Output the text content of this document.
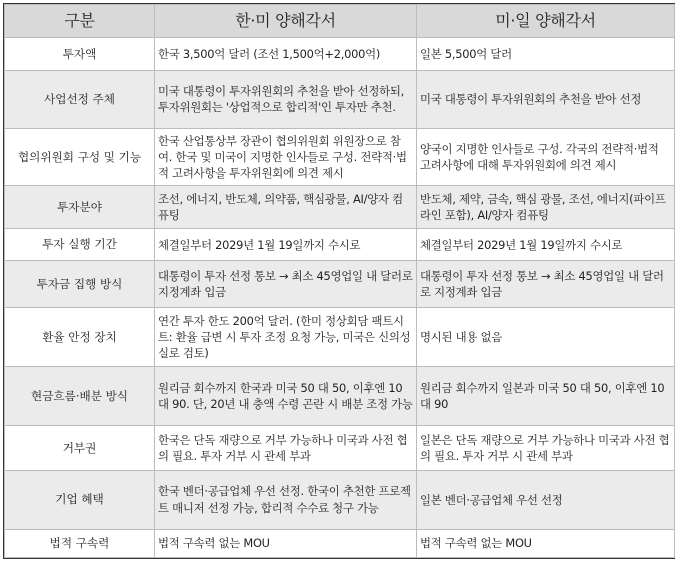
구분	한·미 양해각서	미·일 양해각서
투자액	한국 3,500억 달러 (조선 1,500억+2,000억)	일본 5,500억 달러
사업선정 주체	미국 대통령이 투자위원회의 추천을 받아 선정하되, 투자위원회는 '상업적으로 합리적'인 투자만 추천.	미국 대통령이 투자위원회의 추천을 받아 선정
협의위원회 구성 및 기능	한국 산업통상부 장관이 협의위원회 위원장으로 참여. 한국 및 미국이 지명한 인사들로 구성. 전략적·법적 고려사항을 투자위원회에 의견 제시	양국이 지명한 인사들로 구성. 각국의 전략적·법적 고려사항에 대해 투자위원회에 의견 제시
투자분야	조선, 에너지, 반도체, 의약품, 핵심광물, AI/양자 컴퓨팅	반도체, 제약, 금속, 핵심 광물, 조선, 에너지(파이프라인 포함), AI/양자 컴퓨팅
투자 실행 기간	체결일부터 2029년 1월 19일까지 수시로	체결일부터 2029년 1월 19일까지 수시로
투자금 집행 방식	대통령이 투자 선정 통보 → 최소 45영업일 내 달러로 지정계좌 입금	대통령이 투자 선정 통보 → 최소 45영업일 내 달러로 지정계좌 입금
환율 안정 장치	연간 투자 한도 200억 달러. (한미 정상회담 팩트시트: 환율 급변 시 투자 조정 요청 가능, 미국은 신의성실로 검토)	명시된 내용 없음
현금흐름·배분 방식	원리금 회수까지 한국과 미국 50 대 50, 이후엔 10 대 90. 단, 20년 내 충액 수령 곤란 시 배분 조정 가능	원리금 회수까지 일본과 미국 50 대 50, 이후엔 10 대 90
거부권	한국은 단독 재량으로 거부 가능하나 미국과 사전 협의 필요. 투자 거부 시 관세 부과	일본은 단독 재량으로 거부 가능하나 미국과 사전 협의 필요. 투자 거부 시 관세 부과
기업 혜택	한국 벤더·공급업체 우선 선정. 한국이 추천한 프로젝트 매니저 선정 가능, 합리적 수수료 청구 가능	일본 벤더·공급업체 우선 선정
법적 구속력	법적 구속력 없는 MOU	법적 구속력 없는 MOU
